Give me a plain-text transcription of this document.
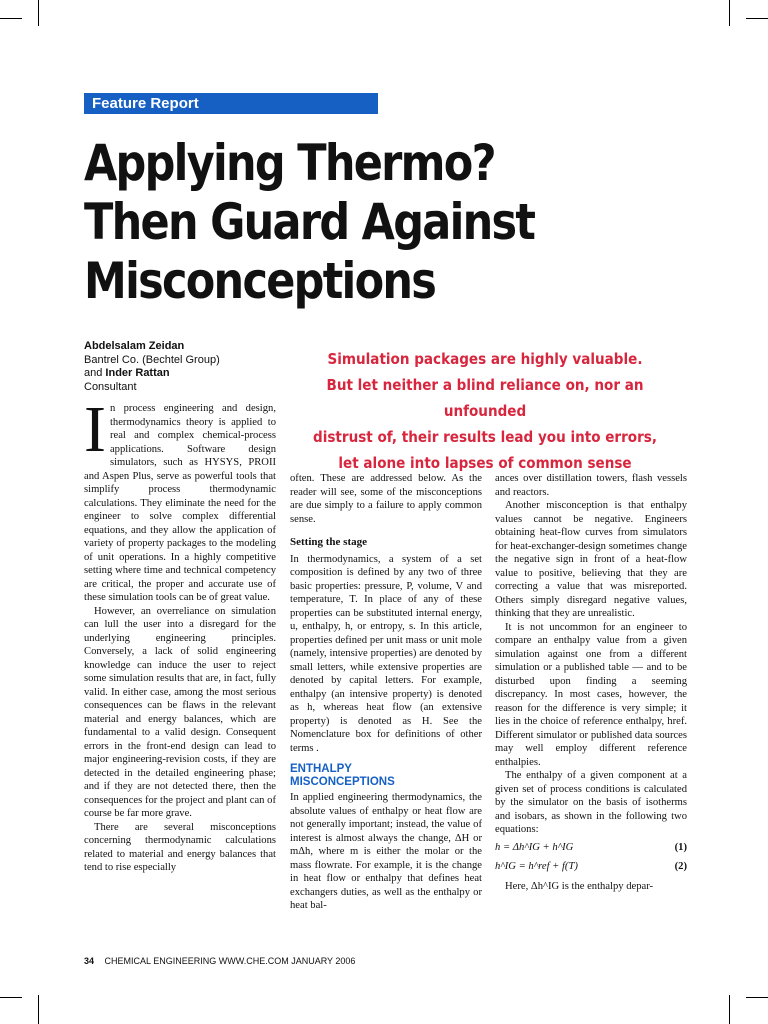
Feature Report
Applying Thermo?
Then Guard Against
Misconceptions
Abdelsalam Zeidan
Bantrel Co. (Bechtel Group)
and Inder Rattan
Consultant
Simulation packages are highly valuable.
But let neither a blind reliance on, nor an unfounded
distrust of, their results lead you into errors,
let alone into lapses of common sense

In process engineering and design, thermodynamics theory is applied to real and complex chemical-process applications. Software design simulators, such as HYSYS, PROII and Aspen Plus, serve as powerful tools that simplify process thermodynamic calculations. They eliminate the need for the engineer to solve complex differential equations, and they allow the application of variety of property packages to the modeling of unit operations. In a highly competitive setting where time and technical competency are critical, the proper and accurate use of these simulation tools can be of great value.

However, an overreliance on simulation can lull the user into a disregard for the underlying engineering principles. Conversely, a lack of solid engineering knowledge can induce the user to reject some simulation results that are, in fact, fully valid. In either case, among the most serious consequences can be flaws in the relevant material and energy balances, which are fundamental to a valid design. Consequent errors in the front-end design can lead to major engineering-revision costs, if they are detected in the detailed engineering phase; and if they are not detected there, then the consequences for the project and plant can of course be far more grave.

There are several misconceptions concerning thermodynamic calculations related to material and energy balances that tend to rise especially

often. These are addressed below. As the reader will see, some of the misconceptions are due simply to a failure to apply common sense.

Setting the stage

In thermodynamics, a system of a set composition is defined by any two of three basic properties: pressure, P, volume, V and temperature, T. In place of any of these properties can be substituted internal energy, u, enthalpy, h, or entropy, s. In this article, properties defined per unit mass or unit mole (namely, intensive properties) are denoted by small letters, while extensive properties are denoted by capital letters. For example, enthalpy (an intensive property) is denoted as h, whereas heat flow (an extensive property) is denoted as H. See the Nomenclature box for definitions of other terms .

ENTHALPY
MISCONCEPTIONS

In applied engineering thermodynamics, the absolute values of enthalpy or heat flow are not generally important; instead, the value of interest is almost always the change, ΔH or mΔh, where m is either the molar or the mass flowrate. For example, it is the change in heat flow or enthalpy that defines heat exchangers duties, as well as the enthalpy or heat bal-

ances over distillation towers, flash vessels and reactors.

Another misconception is that enthalpy values cannot be negative. Engineers obtaining heat-flow curves from simulators for heat-exchanger-design sometimes change the negative sign in front of a heat-flow value to positive, believing that they are correcting a value that was misreported. Others simply disregard negative values, thinking that they are unrealistic.

It is not uncommon for an engineer to compare an enthalpy value from a given simulation against one from a different simulation or a published table — and to be disturbed upon finding a seeming discrepancy. In most cases, however, the reason for the difference is very simple; it lies in the choice of reference enthalpy, href. Different simulator or published data sources may well employ different reference enthalpies.

The enthalpy of a given component at a given set of process conditions is calculated by the simulator on the basis of isotherms and isobars, as shown in the following two equations:

h = Δh^IG + h^IG	(1)
h^IG = h^ref + f(T)	(2)

Here, Δh^IG is the enthalpy depar-

34 CHEMICAL ENGINEERING WWW.CHE.COM JANUARY 2006
